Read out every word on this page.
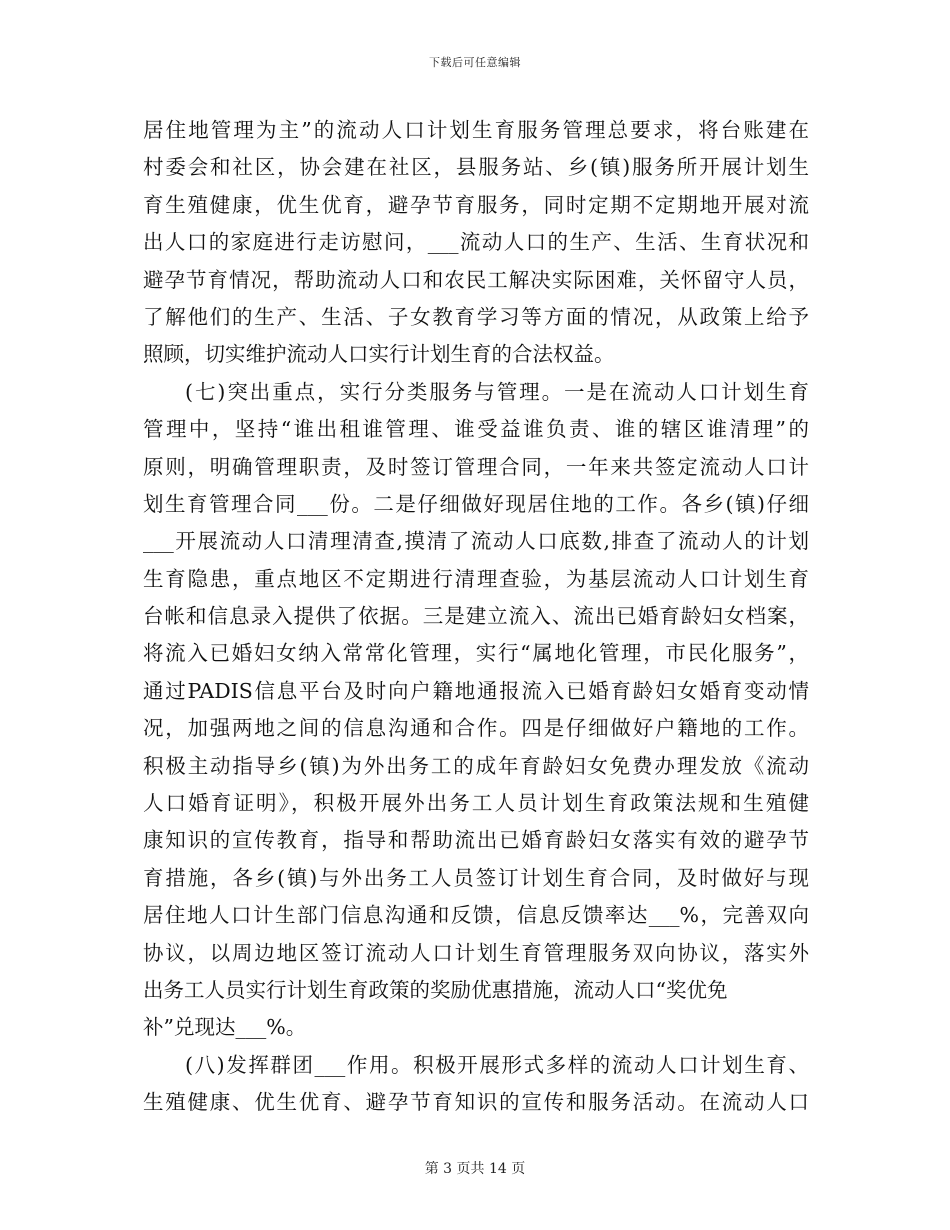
下载后可任意编辑
居住地管理为主”的流动人口计划生育服务管理总要求，将台账建在
村委会和社区，协会建在社区，县服务站、乡(镇)服务所开展计划生
育生殖健康，优生优育，避孕节育服务，同时定期不定期地开展对流
出人口的家庭进行走访慰问，___流动人口的生产、生活、生育状况和
避孕节育情况，帮助流动人口和农民工解决实际困难，关怀留守人员，
了解他们的生产、生活、子女教育学习等方面的情况，从政策上给予
照顾，切实维护流动人口实行计划生育的合法权益。
(七)突出重点，实行分类服务与管理。一是在流动人口计划生育
管理中，坚持“谁出租谁管理、谁受益谁负责、谁的辖区谁清理”的
原则，明确管理职责，及时签订管理合同，一年来共签定流动人口计
划生育管理合同___份。二是仔细做好现居住地的工作。各乡(镇)仔细
___开展流动人口清理清查,摸清了流动人口底数,排查了流动人的计划
生育隐患，重点地区不定期进行清理查验，为基层流动人口计划生育
台帐和信息录入提供了依据。三是建立流入、流出已婚育龄妇女档案，
将流入已婚妇女纳入常常化管理，实行“属地化管理，市民化服务”，
通过PADIS信息平台及时向户籍地通报流入已婚育龄妇女婚育变动情
况，加强两地之间的信息沟通和合作。四是仔细做好户籍地的工作。
积极主动指导乡(镇)为外出务工的成年育龄妇女免费办理发放《流动
人口婚育证明》，积极开展外出务工人员计划生育政策法规和生殖健
康知识的宣传教育，指导和帮助流出已婚育龄妇女落实有效的避孕节
育措施，各乡(镇)与外出务工人员签订计划生育合同，及时做好与现
居住地人口计生部门信息沟通和反馈，信息反馈率达___%，完善双向
协议，以周边地区签订流动人口计划生育管理服务双向协议，落实外
出务工人员实行计划生育政策的奖励优惠措施，流动人口“奖优免
补”兑现达___%。
(八)发挥群团___作用。积极开展形式多样的流动人口计划生育、
生殖健康、优生优育、避孕节育知识的宣传和服务活动。在流动人口
第 3 页共 14 页
